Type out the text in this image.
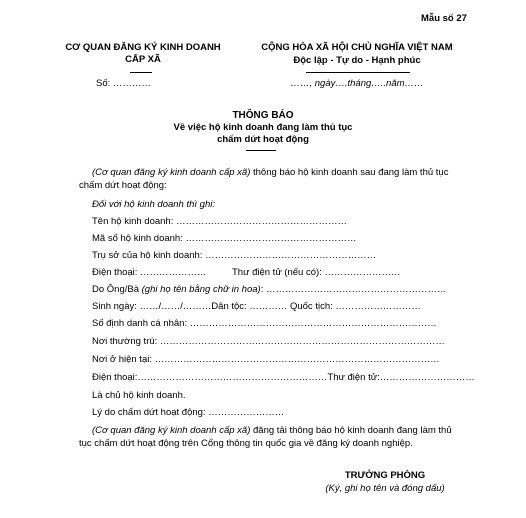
Mẫu số 27
CƠ QUAN ĐĂNG KÝ KINH DOANH
CẤP XÃ
Số: …………
CỘNG HÒA XÃ HỘI CHỦ NGHĨA VIỆT NAM
Độc lập - Tự do - Hạnh phúc
……, ngày….tháng…..năm……
THÔNG BÁO
Về việc hộ kinh doanh đang làm thủ tục
chấm dứt hoạt động
(Cơ quan đăng ký kinh doanh cấp xã) thông báo hộ kinh doanh sau đang làm thủ tục
chấm dứt hoạt động:
Đối với hộ kinh doanh thì ghi:
Tên hộ kinh doanh: ………………………………………………
Mã số hộ kinh doanh: ………………………………………………
Trụ sở của hộ kinh doanh: ………………………………………………
Điện thoại: …………………	Thư điện tử (nếu có): ……………………
Do Ông/Bà (ghi họ tên bằng chữ in hoa): …………………………………………………
Sinh ngày: ……/……/………Dân tộc: ………… Quốc tịch: ………………………
Số định danh cá nhân: ……………………………………………………………………
Nơi thường trú: ………………………………………………………………………………
Nơi ở hiện tại: ………………………………………………………………………………
Điện thoại:……………………………………………………Thư điện tử:…………………………
Là chủ hộ kinh doanh.
Lý do chấm dứt hoạt động: ……………………
(Cơ quan đăng ký kinh doanh cấp xã) đăng tải thông báo hộ kinh doanh đang làm thủ
tục chấm dứt hoạt động trên Cổng thông tin quốc gia về đăng ký doanh nghiệp.
TRƯỞNG PHÒNG
(Ký, ghi họ tên và đóng dấu)
